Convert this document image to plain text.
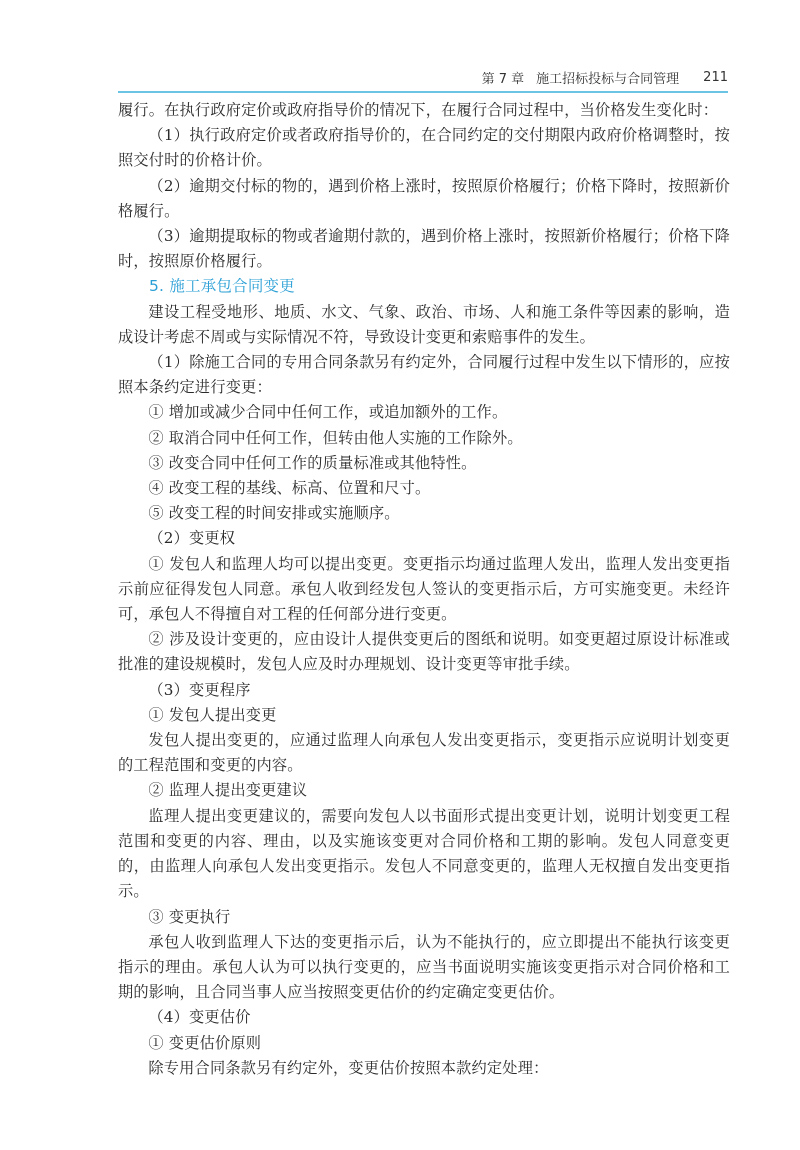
第 7 章 施工招标投标与合同管理 211

履行。在执行政府定价或政府指导价的情况下，在履行合同过程中，当价格发生变化时：

（1）执行政府定价或者政府指导价的，在合同约定的交付期限内政府价格调整时，按照交付时的价格计价。

（2）逾期交付标的物的，遇到价格上涨时，按照原价格履行；价格下降时，按照新价格履行。

（3）逾期提取标的物或者逾期付款的，遇到价格上涨时，按照新价格履行；价格下降时，按照原价格履行。

5. 施工承包合同变更

建设工程受地形、地质、水文、气象、政治、市场、人和施工条件等因素的影响，造成设计考虑不周或与实际情况不符，导致设计变更和索赔事件的发生。

（1）除施工合同的专用合同条款另有约定外，合同履行过程中发生以下情形的，应按照本条约定进行变更：

① 增加或减少合同中任何工作，或追加额外的工作。

② 取消合同中任何工作，但转由他人实施的工作除外。

③ 改变合同中任何工作的质量标准或其他特性。

④ 改变工程的基线、标高、位置和尺寸。

⑤ 改变工程的时间安排或实施顺序。

（2）变更权

① 发包人和监理人均可以提出变更。变更指示均通过监理人发出，监理人发出变更指示前应征得发包人同意。承包人收到经发包人签认的变更指示后，方可实施变更。未经许可，承包人不得擅自对工程的任何部分进行变更。

② 涉及设计变更的，应由设计人提供变更后的图纸和说明。如变更超过原设计标准或批准的建设规模时，发包人应及时办理规划、设计变更等审批手续。

（3）变更程序

① 发包人提出变更

发包人提出变更的，应通过监理人向承包人发出变更指示，变更指示应说明计划变更的工程范围和变更的内容。

② 监理人提出变更建议

监理人提出变更建议的，需要向发包人以书面形式提出变更计划，说明计划变更工程范围和变更的内容、理由，以及实施该变更对合同价格和工期的影响。发包人同意变更的，由监理人向承包人发出变更指示。发包人不同意变更的，监理人无权擅自发出变更指示。

③ 变更执行

承包人收到监理人下达的变更指示后，认为不能执行的，应立即提出不能执行该变更指示的理由。承包人认为可以执行变更的，应当书面说明实施该变更指示对合同价格和工期的影响，且合同当事人应当按照变更估价的约定确定变更估价。

（4）变更估价

① 变更估价原则

除专用合同条款另有约定外，变更估价按照本款约定处理：
